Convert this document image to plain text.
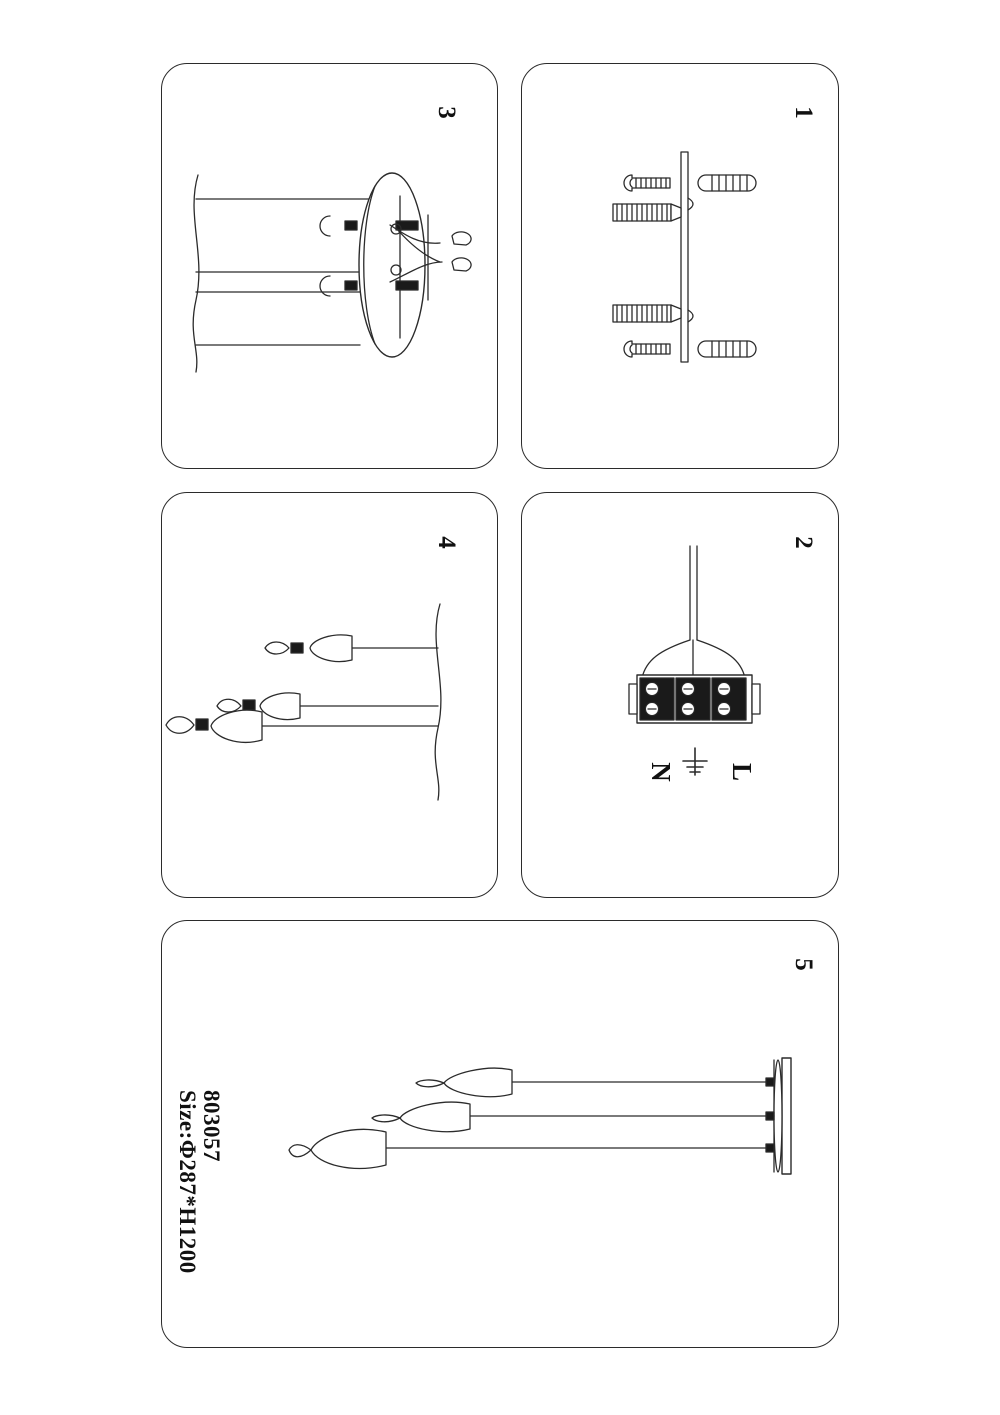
1
2
3
4
5
N L
803057
Size:Φ287*H1200
